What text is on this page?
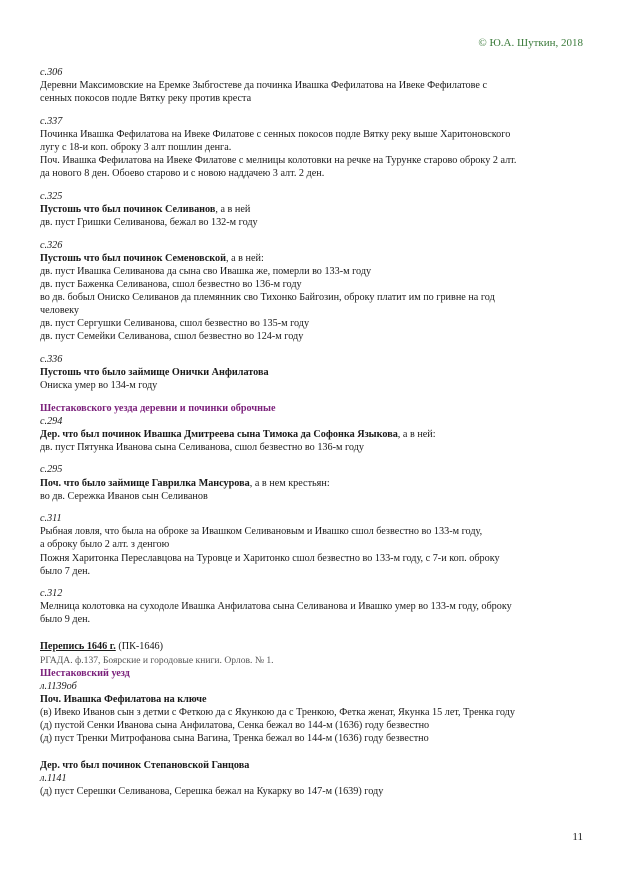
© Ю.А. Шуткин, 2018
с.306
Деревни Максимовские на Еремке Зыбгостеве да починка Ивашка Фефилатова на Ивеке Фефилатове с
сенных покосов подле Вятку реку против креста
с.337
Починка Ивашка Фефилатова на Ивеке Филатове с сенных покосов подле Вятку реку выше Харитоновского
лугу с 18-и коп. оброку 3 алт пошлин денга.
Поч. Ивашка Фефилатова на Ивеке Филатове с мелницы колотовки на речке на Турунке старово оброку 2 алт.
да нового 8 ден. Обоево старово и с новою наддачею 3 алт. 2 ден.
с.325
Пустошь что был починок Селиванов, а в ней
дв. пуст Гришки Селиванова, бежал во 132-м году
с.326
Пустошь что был починок Семеновской, а в ней:
дв. пуст Ивашка Селиванова да сына сво Ивашка же, померли во 133-м году
дв. пуст Баженка Селиванова, сшол безвестно во 136-м году
во дв. бобыл Ониско Селиванов да племянник сво Тихонко Байгозин, оброку платит им по гривне на год
человеку
дв. пуст Сергушки Селиванова, сшол безвестно во 135-м году
дв. пуст Семейки Селиванова, сшол безвестно во 124-м году
с.336
Пустошь что было займище Онички Анфилатова
Ониска умер во 134-м году
Шестаковского уезда деревни и починки оброчные
с.294
Дер. что был починок Ивашка Дмитреева сына Тимока да Софонка Языкова, а в ней:
дв. пуст Пятунка Иванова сына Селиванова, сшол безвестно во 136-м году
с.295
Поч. что было займище Гаврилка Мансурова, а в нем крестьян:
во дв. Сережка Иванов сын Селиванов
с.311
Рыбная ловля, что была на оброке за Ивашком Селивановым и Ивашко сшол безвестно во 133-м году,
а оброку было 2 алт. з денгою
Пожня Харитонка Переславцова на Туровце и Харитонко сшол безвестно во 133-м году, с 7-и коп. оброку
было 7 ден.
с.312
Мелница колотовка на суходоле Ивашка Анфилатова сына Селиванова и Ивашко умер во 133-м году, оброку
было 9 ден.
Перепись 1646 г. (ПК-1646)
РГАДА. ф.137, Боярские и городовые книги. Орлов. № 1.
Шестаковский уезд
л.1139об
Поч. Ивашка Фефилатова на ключе
(в) Ивеко Иванов сын з детми с Феткою да с Якункою да с Тренкою, Фетка женат, Якунка 15 лет, Тренка году
(д) пустой Сенки Иванова сына Анфилатова, Сенка бежал во 144-м (1636) году безвестно
(д) пуст Тренки Митрофанова сына Вагина, Тренка бежал во 144-м (1636) году безвестно
Дер. что был починок Степановской Ганцова
л.1141
(д) пуст Серешки Селиванова, Серешка бежал на Кукарку во 147-м (1639) году
11
